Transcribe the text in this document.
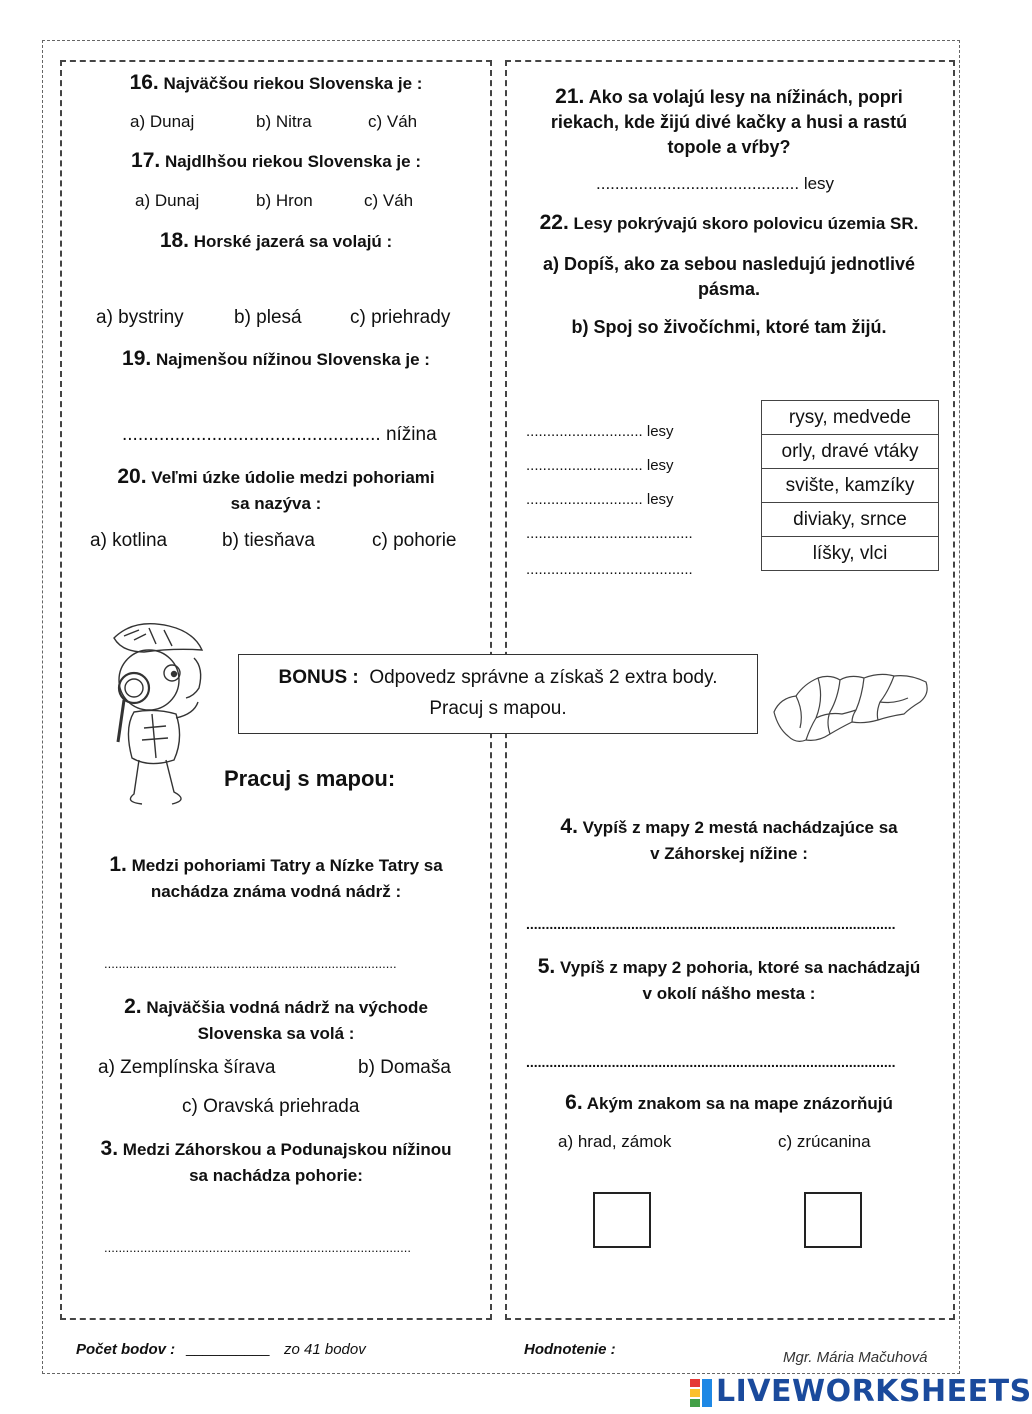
16. Najväčšou riekou Slovenska je :
a) Dunaj	b) Nitra	c) Váh
17. Najdlhšou riekou Slovenska je :
a) Dunaj	b) Hron	c) Váh
18. Horské jazerá sa volajú :
a) bystriny	b) plesá	c) priehrady
19. Najmenšou nížinou Slovenska je :
................................................. nížina
20. Veľmi úzke údolie medzi pohoriami
sa nazýva :
a) kotlina	b) tiesňava	c) pohorie
21. Ako sa volajú lesy na nížinách, popri
riekach, kde žijú divé kačky a husi a rastú
topole a vŕby?
........................................... lesy
22. Lesy pokrývajú skoro polovicu územia SR.
a) Dopíš, ako za sebou nasledujú jednotlivé
pásma.
b) Spoj so živočíchmi, ktoré tam žijú.
............................ lesy
............................ lesy
............................ lesy
........................................
........................................
rysy, medvede
orly, dravé vtáky
svište, kamzíky
diviaky, srnce
líšky, vlci
BONUS : Odpovedz správne a získaš 2 extra body.
Pracuj s mapou.
Pracuj s mapou:
1. Medzi pohoriami Tatry a Nízke Tatry sa
nachádza známa vodná nádrž :
.................................................................................
2. Najväčšia vodná nádrž na východe
Slovenska sa volá :
a) Zemplínska šírava	b) Domaša
c) Oravská priehrada
3. Medzi Záhorskou a Podunajskou nížinou
sa nachádza pohorie:
.....................................................................................
4. Vypíš z mapy 2 mestá nachádzajúce sa
v Záhorskej nížine :
...............................................................................................
5. Vypíš z mapy 2 pohoria, ktoré sa nachádzajú
v okolí nášho mesta :
...............................................................................................
6. Akým znakom sa na mape znázorňujú
a) hrad, zámok	c) zrúcanina
Počet bodov : __________ zo 41 bodov	Hodnotenie :	Mgr. Mária Mačuhová
LIVEWORKSHEETS
